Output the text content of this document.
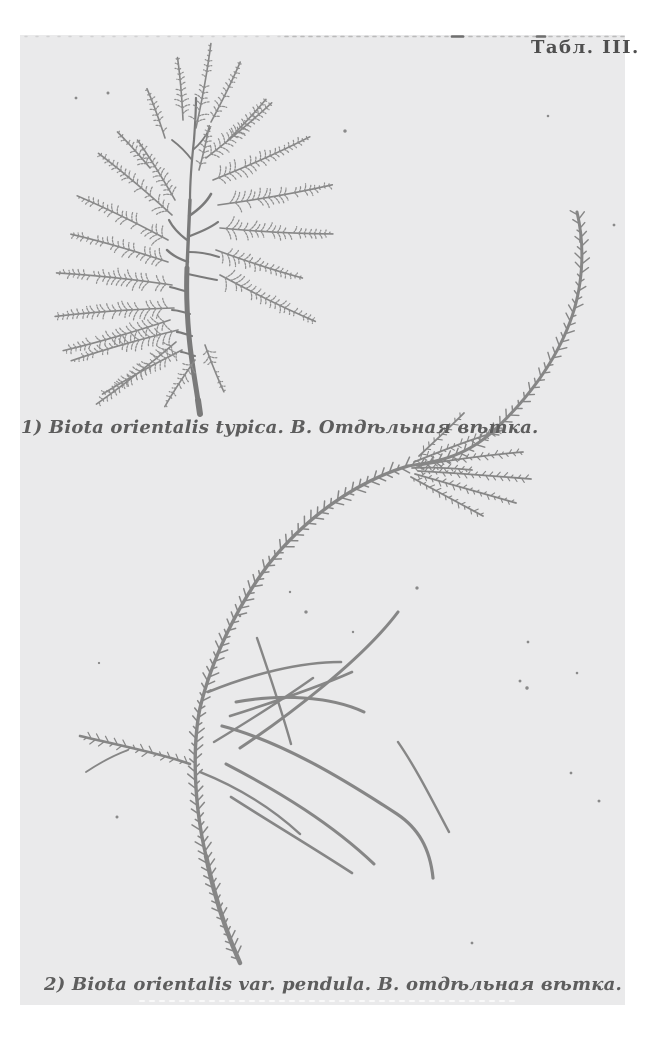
Табл. III.
1) Biota orientalis typica. В. Отдѣльная вѣтка.
2) Biota orientalis var. pendula. В. отдѣльная вѣтка.
